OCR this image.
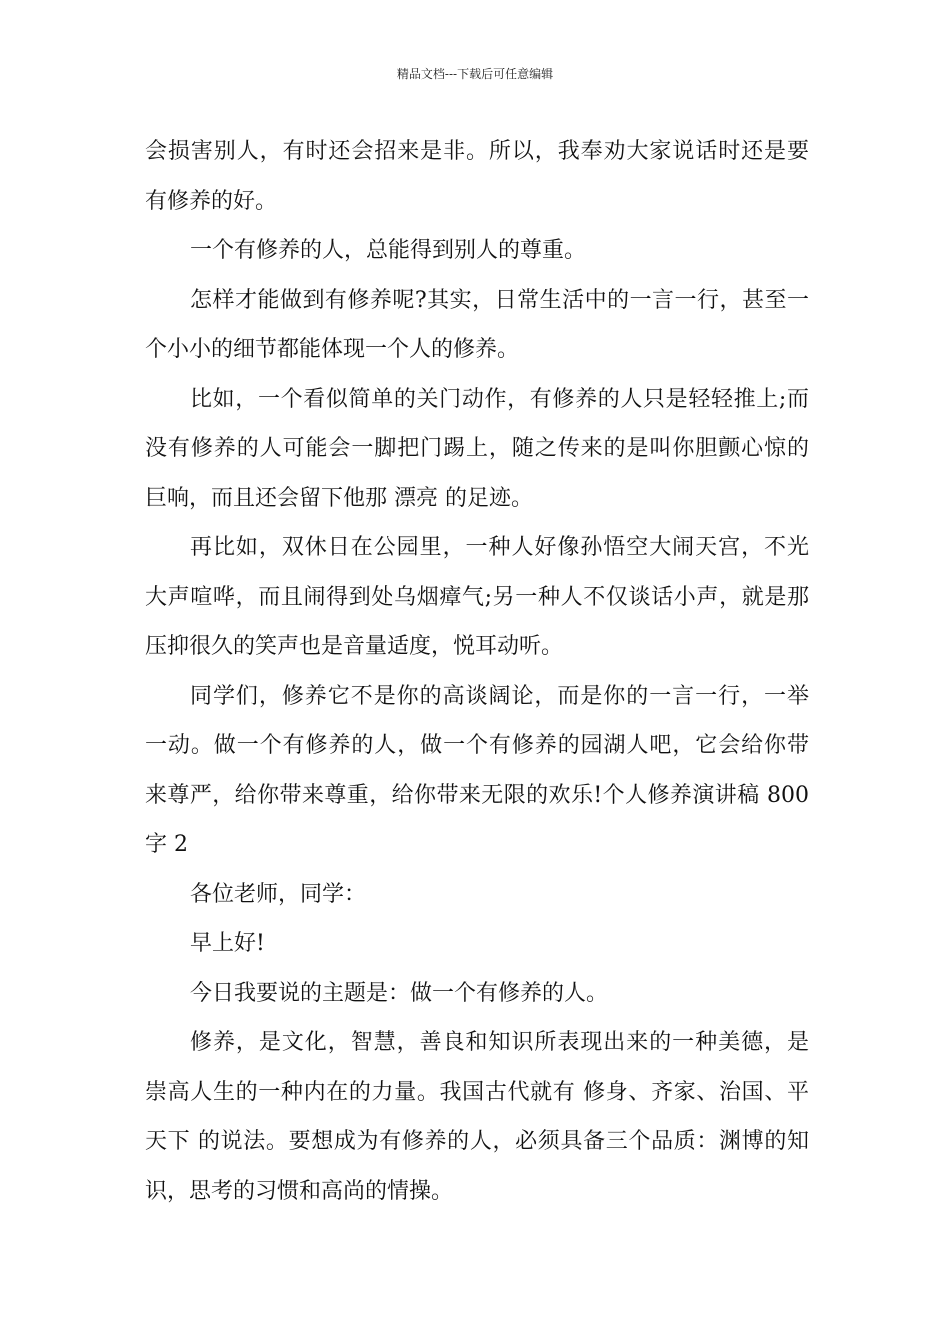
精品文档---下载后可任意编辑
会损害别人，有时还会招来是非。所以，我奉劝大家说话时还是要
有修养的好。
一个有修养的人，总能得到别人的尊重。
怎样才能做到有修养呢?其实，日常生活中的一言一行，甚至一
个小小的细节都能体现一个人的修养。
比如，一个看似简单的关门动作，有修养的人只是轻轻推上;而
没有修养的人可能会一脚把门踢上，随之传来的是叫你胆颤心惊的
巨响，而且还会留下他那 漂亮 的足迹。
再比如，双休日在公园里，一种人好像孙悟空大闹天宫，不光
大声喧哗，而且闹得到处乌烟瘴气;另一种人不仅谈话小声，就是那
压抑很久的笑声也是音量适度，悦耳动听。
同学们，修养它不是你的高谈阔论，而是你的一言一行，一举
一动。做一个有修养的人，做一个有修养的园湖人吧，它会给你带
来尊严，给你带来尊重，给你带来无限的欢乐!个人修养演讲稿 800
字 2
各位老师，同学：
早上好!
今日我要说的主题是：做一个有修养的人。
修养，是文化，智慧，善良和知识所表现出来的一种美德，是
崇高人生的一种内在的力量。我国古代就有 修身、齐家、治国、平
天下 的说法。要想成为有修养的人，必须具备三个品质：渊博的知
识，思考的习惯和高尚的情操。
